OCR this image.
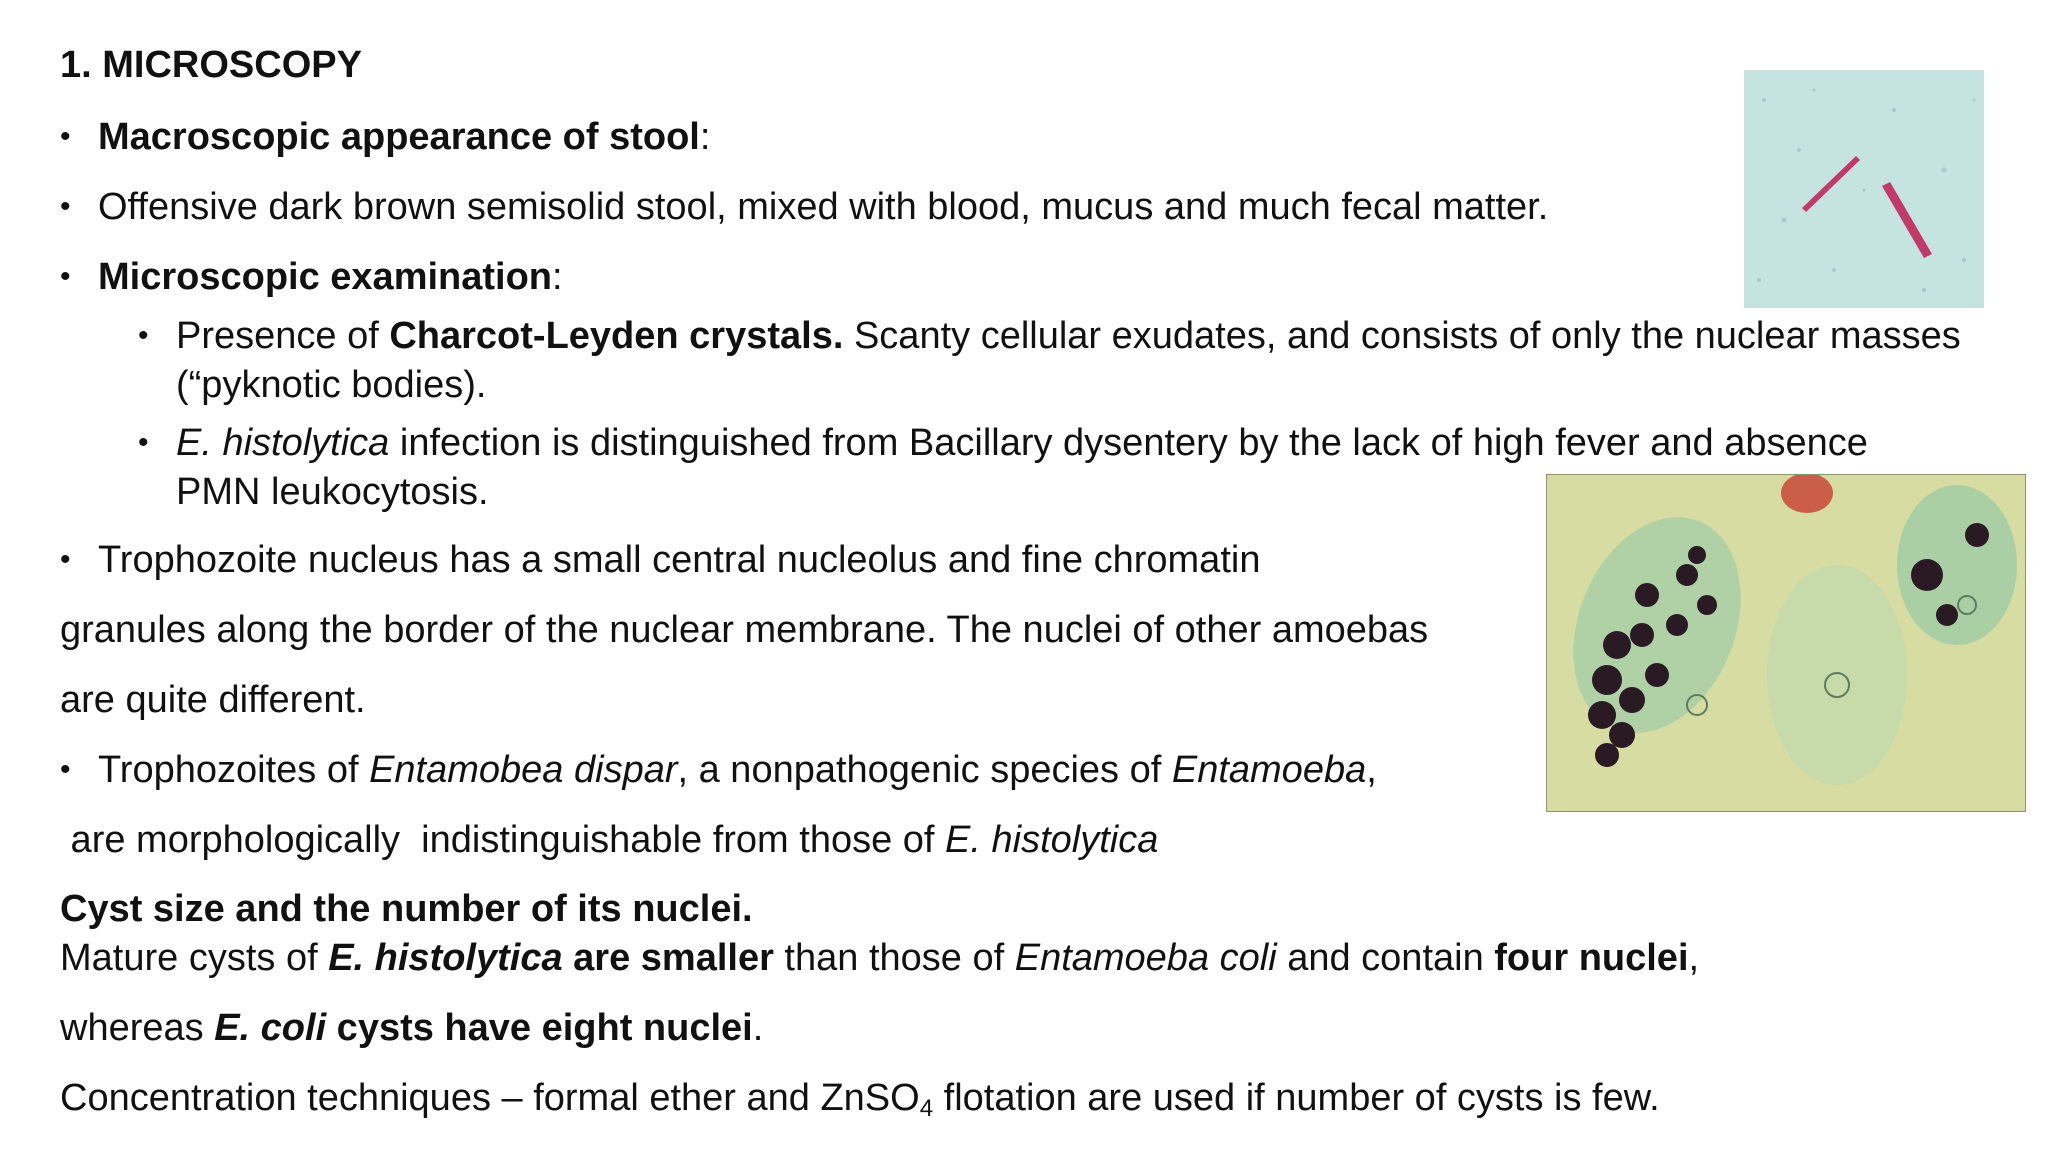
1. MICROSCOPY
• Macroscopic appearance of stool:
• Offensive dark brown semisolid stool, mixed with blood, mucus and much fecal matter.
• Microscopic examination:
• Presence of Charcot-Leyden crystals. Scanty cellular exudates, and consists of only the nuclear masses
(“pyknotic bodies).
• E. histolytica infection is distinguished from Bacillary dysentery by the lack of high fever and absence
PMN leukocytosis.
• Trophozoite nucleus has a small central nucleolus and fine chromatin
granules along the border of the nuclear membrane. The nuclei of other amoebas
are quite different.
• Trophozoites of Entamobea dispar, a nonpathogenic species of Entamoeba,
are morphologically  indistinguishable from those of E. histolytica
Cyst size and the number of its nuclei.
Mature cysts of E. histolytica are smaller than those of Entamoeba coli and contain four nuclei,
whereas E. coli cysts have eight nuclei.
Concentration techniques – formal ether and ZnSO$_4$ flotation are used if number of cysts is few.
